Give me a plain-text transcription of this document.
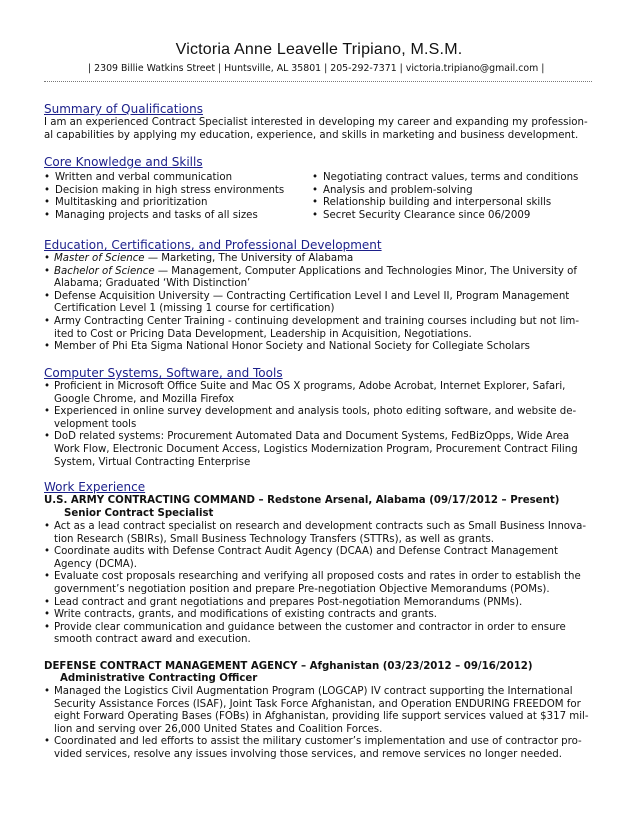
Victoria Anne Leavelle Tripiano, M.S.M.
| 2309 Billie Watkins Street | Huntsville, AL 35801 | 205-292-7371 | victoria.tripiano@gmail.com |
Summary of Qualifications
I am an experienced Contract Specialist interested in developing my career and expanding my profession-
al capabilities by applying my education, experience, and skills in marketing and business development.
Core Knowledge and Skills
• Written and verbal communication
• Decision making in high stress environments
• Multitasking and prioritization
• Managing projects and tasks of all sizes
• Negotiating contract values, terms and conditions
• Analysis and problem-solving
• Relationship building and interpersonal skills
• Secret Security Clearance since 06/2009
Education, Certifications, and Professional Development
• Master of Science — Marketing, The University of Alabama
• Bachelor of Science — Management, Computer Applications and Technologies Minor, The University of
Alabama; Graduated ‘With Distinction’
• Defense Acquisition University — Contracting Certification Level I and Level II, Program Management
Certification Level 1 (missing 1 course for certification)
• Army Contracting Center Training - continuing development and training courses including but not lim-
ited to Cost or Pricing Data Development, Leadership in Acquisition, Negotiations.
• Member of Phi Eta Sigma National Honor Society and National Society for Collegiate Scholars
Computer Systems, Software, and Tools
• Proficient in Microsoft Office Suite and Mac OS X programs, Adobe Acrobat, Internet Explorer, Safari,
Google Chrome, and Mozilla Firefox
• Experienced in online survey development and analysis tools, photo editing software, and website de-
velopment tools
• DoD related systems: Procurement Automated Data and Document Systems, FedBizOpps, Wide Area
Work Flow, Electronic Document Access, Logistics Modernization Program, Procurement Contract Filing
System, Virtual Contracting Enterprise
Work Experience
U.S. ARMY CONTRACTING COMMAND – Redstone Arsenal, Alabama (09/17/2012 – Present)
Senior Contract Specialist
• Act as a lead contract specialist on research and development contracts such as Small Business Innova-
tion Research (SBIRs), Small Business Technology Transfers (STTRs), as well as grants.
• Coordinate audits with Defense Contract Audit Agency (DCAA) and Defense Contract Management
Agency (DCMA).
• Evaluate cost proposals researching and verifying all proposed costs and rates in order to establish the
government’s negotiation position and prepare Pre-negotiation Objective Memorandums (POMs).
• Lead contract and grant negotiations and prepares Post-negotiation Memorandums (PNMs).
• Write contracts, grants, and modifications of existing contracts and grants.
• Provide clear communication and guidance between the customer and contractor in order to ensure
smooth contract award and execution.
DEFENSE CONTRACT MANAGEMENT AGENCY – Afghanistan (03/23/2012 – 09/16/2012)
Administrative Contracting Officer
• Managed the Logistics Civil Augmentation Program (LOGCAP) IV contract supporting the International
Security Assistance Forces (ISAF), Joint Task Force Afghanistan, and Operation ENDURING FREEDOM for
eight Forward Operating Bases (FOBs) in Afghanistan, providing life support services valued at $317 mil-
lion and serving over 26,000 United States and Coalition Forces.
• Coordinated and led efforts to assist the military customer’s implementation and use of contractor pro-
vided services, resolve any issues involving those services, and remove services no longer needed.
